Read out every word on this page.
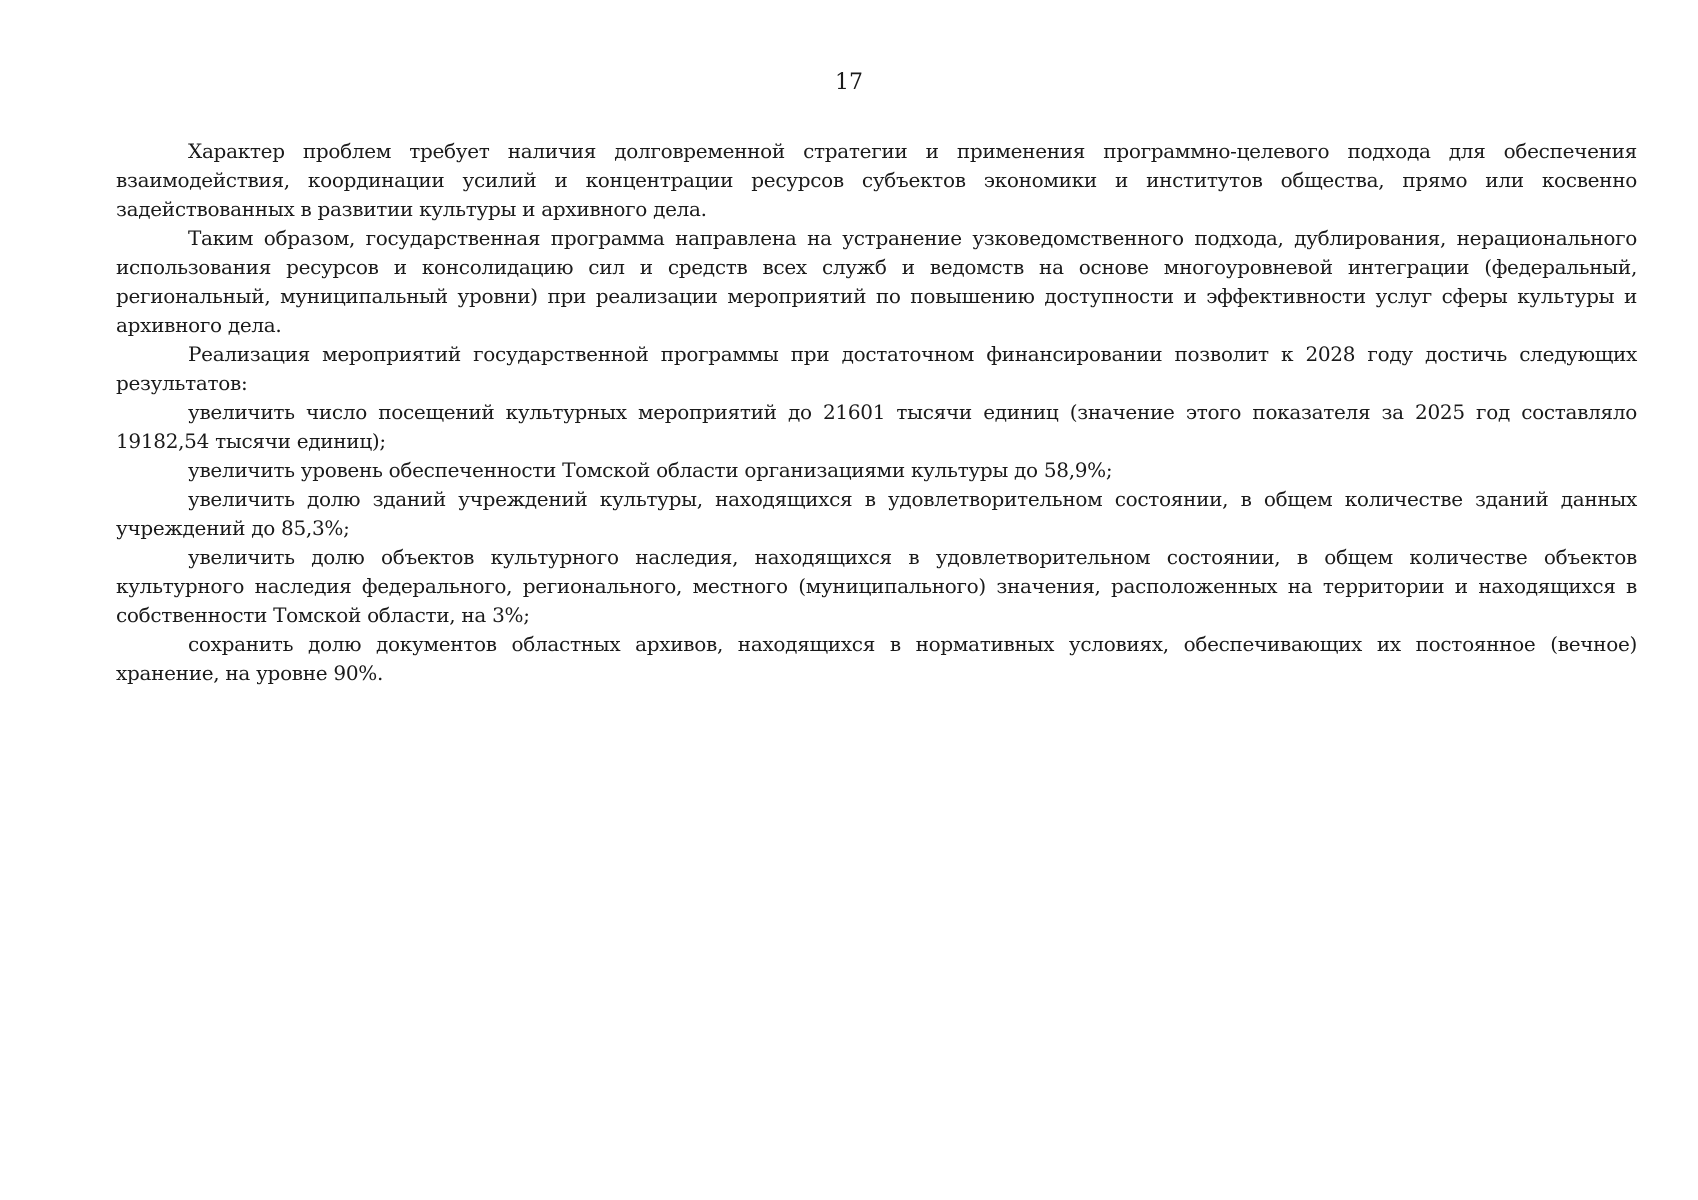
17

Характер проблем требует наличия долговременной стратегии и применения программно-целевого подхода для обеспечения взаимодействия, координации усилий и концентрации ресурсов субъектов экономики и институтов общества, прямо или косвенно задействованных в развитии культуры и архивного дела.

Таким образом, государственная программа направлена на устранение узковедомственного подхода, дублирования, нерационального использования ресурсов и консолидацию сил и средств всех служб и ведомств на основе многоуровневой интеграции (федеральный, региональный, муниципальный уровни) при реализации мероприятий по повышению доступности и эффективности услуг сферы культуры и архивного дела.

Реализация мероприятий государственной программы при достаточном финансировании позволит к 2028 году достичь следующих результатов:

увеличить число посещений культурных мероприятий до 21601 тысячи единиц (значение этого показателя за 2025 год составляло 19182,54 тысячи единиц);

увеличить уровень обеспеченности Томской области организациями культуры до 58,9%;

увеличить долю зданий учреждений культуры, находящихся в удовлетворительном состоянии, в общем количестве зданий данных учреждений до 85,3%;

увеличить долю объектов культурного наследия, находящихся в удовлетворительном состоянии, в общем количестве объектов культурного наследия федерального, регионального, местного (муниципального) значения, расположенных на территории и находящихся в собственности Томской области, на 3%;

сохранить долю документов областных архивов, находящихся в нормативных условиях, обеспечивающих их постоянное (вечное) хранение, на уровне 90%.
